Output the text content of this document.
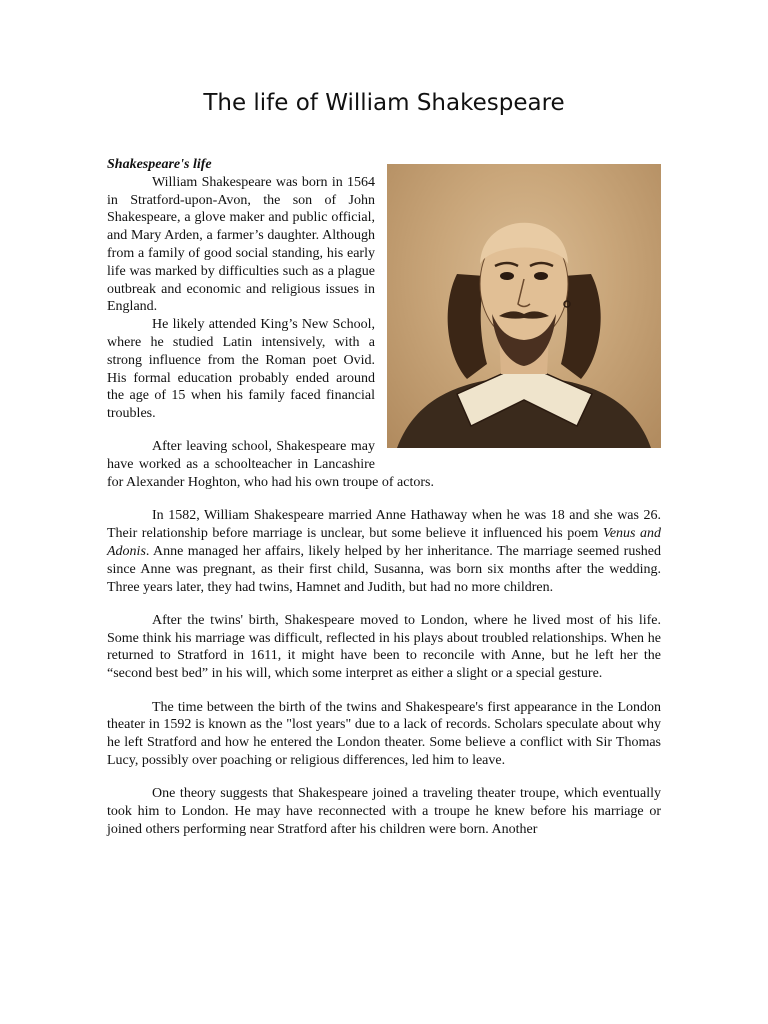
The life of William Shakespeare
Shakespeare's life

William Shakespeare was born in 1564 in Stratford-upon-Avon, the son of John Shakespeare, a glove maker and public official, and Mary Arden, a farmer’s daughter. Although from a family of good social standing, his early life was marked by difficulties such as a plague outbreak and economic and religious issues in England.

He likely attended King’s New School, where he studied Latin intensively, with a strong influence from the Roman poet Ovid. His formal education probably ended around the age of 15 when his family faced financial troubles.

After leaving school, Shakespeare may have worked as a schoolteacher in Lancashire for Alexander Hoghton, who had his own troupe of actors.

In 1582, William Shakespeare married Anne Hathaway when he was 18 and she was 26. Their relationship before marriage is unclear, but some believe it influenced his poem Venus and Adonis. Anne managed her affairs, likely helped by her inheritance. The marriage seemed rushed since Anne was pregnant, as their first child, Susanna, was born six months after the wedding. Three years later, they had twins, Hamnet and Judith, but had no more children.

After the twins' birth, Shakespeare moved to London, where he lived most of his life. Some think his marriage was difficult, reflected in his plays about troubled relationships. When he returned to Stratford in 1611, it might have been to reconcile with Anne, but he left her the “second best bed” in his will, which some interpret as either a slight or a special gesture.

The time between the birth of the twins and Shakespeare's first appearance in the London theater in 1592 is known as the "lost years" due to a lack of records. Scholars speculate about why he left Stratford and how he entered the London theater. Some believe a conflict with Sir Thomas Lucy, possibly over poaching or religious differences, led him to leave.

One theory suggests that Shakespeare joined a traveling theater troupe, which eventually took him to London. He may have reconnected with a troupe he knew before his marriage or joined others performing near Stratford after his children were born. Another
